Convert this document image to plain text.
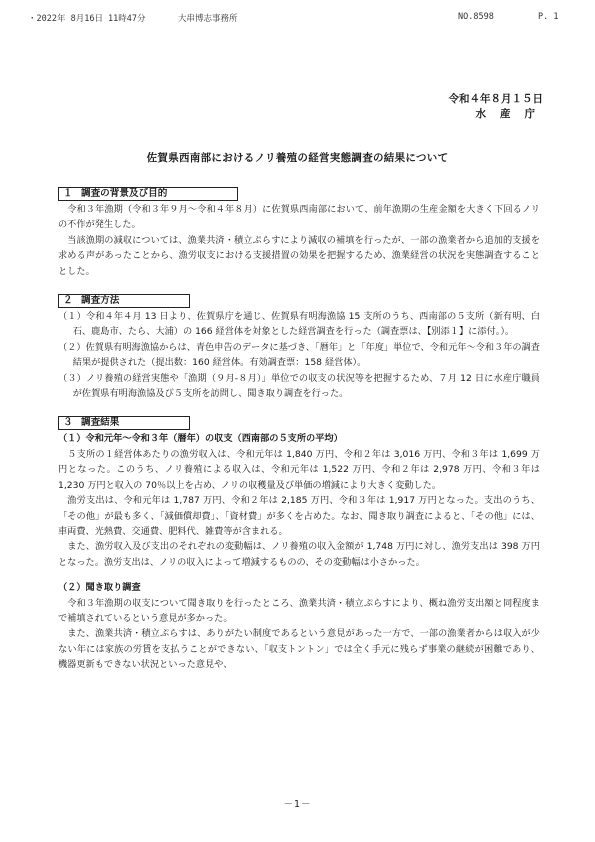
・2022年 8月16日 11時47分	大串博志事務所	NO.8598	P. 1
令和４年８月１５日
水産庁
佐賀県西南部におけるノリ養殖の経営実態調査の結果について
１ 調査の背景及び目的

令和３年漁期（令和３年９月～令和４年８月）に佐賀県西南部において、前年漁期の生産金額を大きく下回るノリの不作が発生した。

当該漁期の減収については、漁業共済・積立ぷらすにより減収の補填を行ったが、一部の漁業者から追加的支援を求める声があったことから、漁労収支における支援措置の効果を把握するため、漁業経営の状況を実態調査することとした。

２ 調査方法

（１）令和４年４月 13 日より、佐賀県庁を通じ、佐賀県有明海漁協 15 支所のうち、西南部の５支所（新有明、白石、鹿島市、たら、大浦）の 166 経営体を対象とした経営調査を行った（調査票は、【別添１】に添付。）。

（２）佐賀県有明海漁協からは、青色申告のデータに基づき、「暦年」と「年度」単位で、令和元年～令和３年の調査結果が提供された（提出数：160 経営体。有効調査票：158 経営体）。

（３）ノリ養殖の経営実態や「漁期（９月-８月）」単位での収支の状況等を把握するため、７月 12 日に水産庁職員が佐賀県有明海漁協及び５支所を訪問し、聞き取り調査を行った。

３ 調査結果

（１）令和元年～令和３年（暦年）の収支（西南部の５支所の平均）

５支所の１経営体あたりの漁労収入は、令和元年は 1,840 万円、令和２年は 3,016 万円、令和３年は 1,699 万円となった。このうち、ノリ養殖による収入は、令和元年は 1,522 万円、令和２年は 2,978 万円、令和３年は 1,230 万円と収入の 70％以上を占め、ノリの収穫量及び単価の増減により大きく変動した。

漁労支出は、令和元年は 1,787 万円、令和２年は 2,185 万円、令和３年は 1,917 万円となった。支出のうち、「その他」が最も多く、「減価償却費」、「資材費」が多くを占めた。なお、聞き取り調査によると、「その他」には、車両費、光熱費、交通費、肥料代、雑費等が含まれる。

また、漁労収入及び支出のそれぞれの変動幅は、ノリ養殖の収入金額が 1,748 万円に対し、漁労支出は 398 万円となった。漁労支出は、ノリの収入によって増減するものの、その変動幅は小さかった。

（２）聞き取り調査

令和３年漁期の収支について聞き取りを行ったところ、漁業共済・積立ぷらすにより、概ね漁労支出額と同程度まで補填されているという意見が多かった。

また、漁業共済・積立ぷらすは、ありがたい制度であるという意見があった一方で、一部の漁業者からは収入が少ない年には家族の労賃を支払うことができない、「収支トントン」では全く手元に残らず事業の継続が困難であり、機器更新もできない状況といった意見や、

－1－
